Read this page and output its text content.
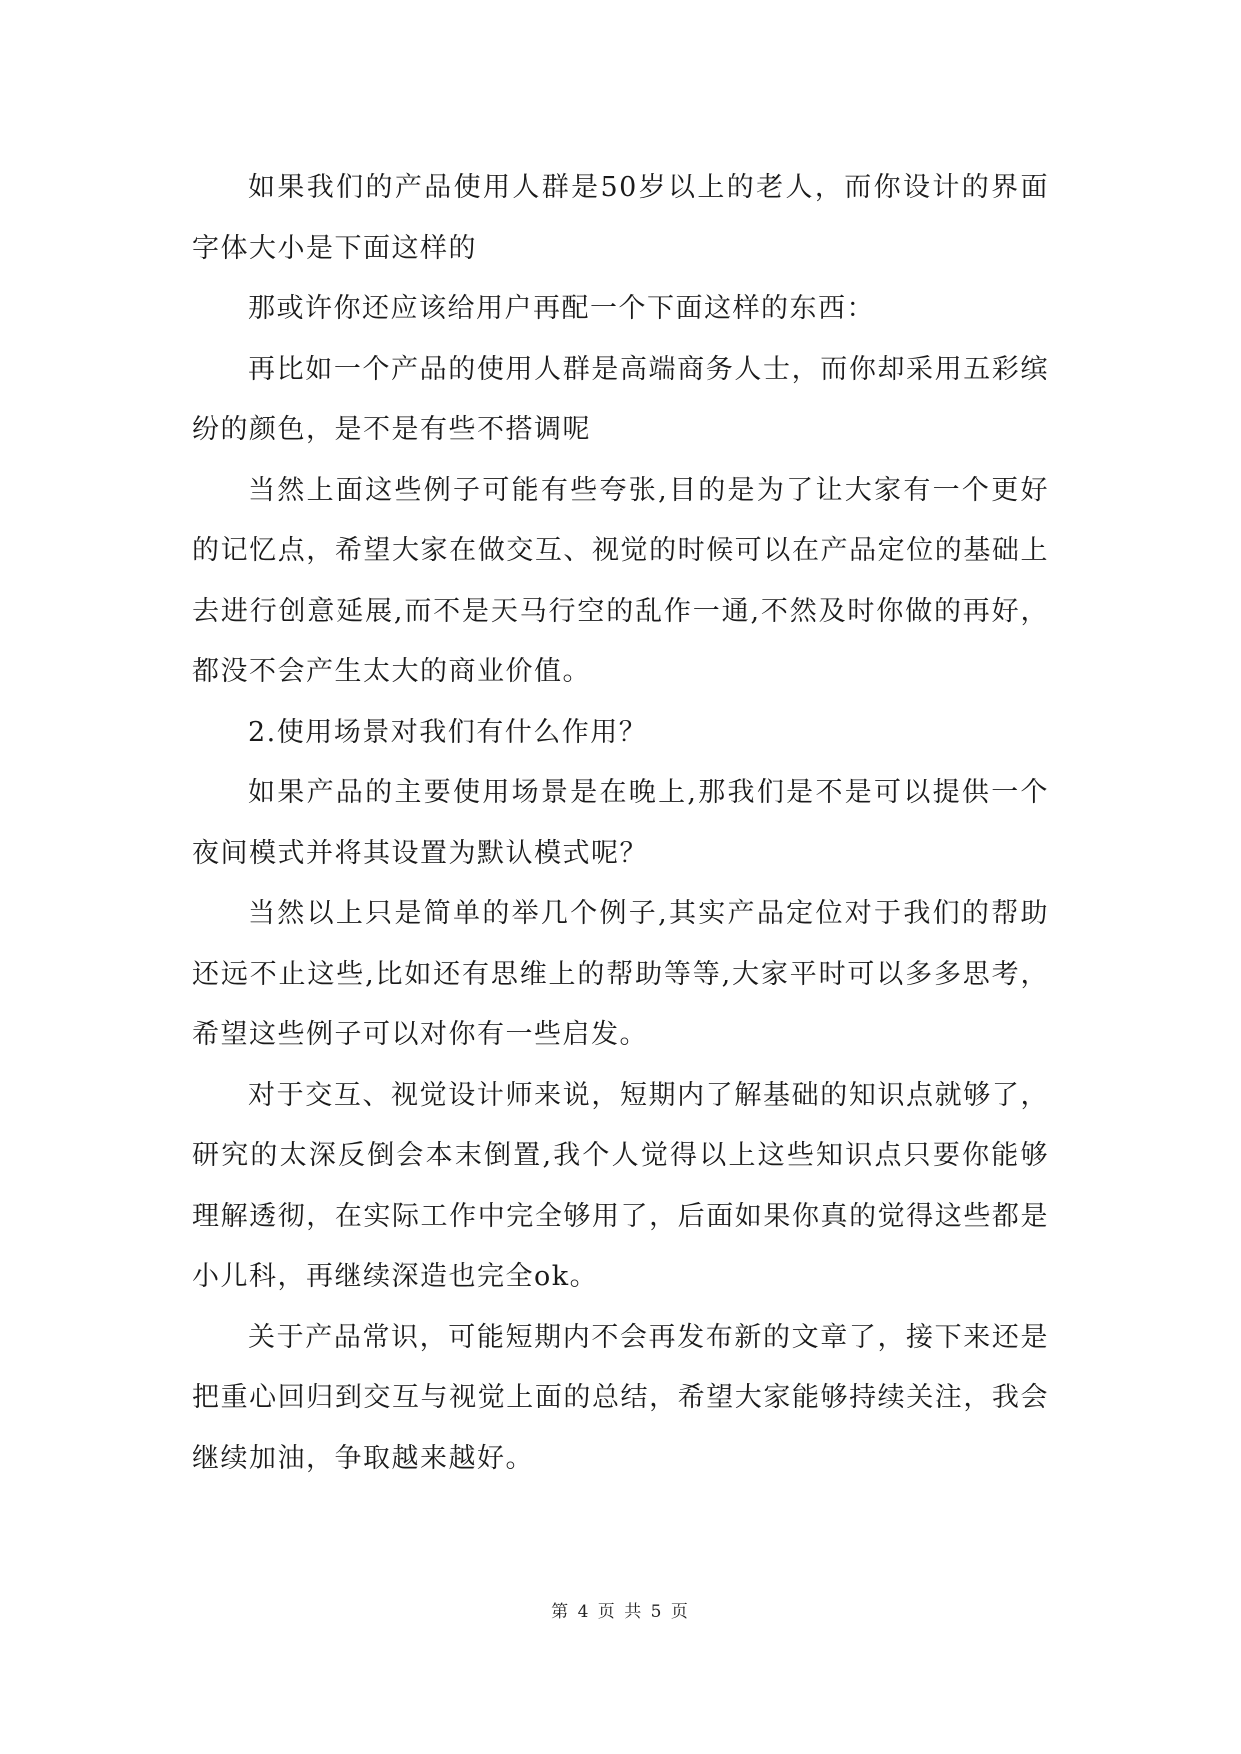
如果我们的产品使用人群是50岁以上的老人，而你设计的界面字体大小是下面这样的

那或许你还应该给用户再配一个下面这样的东西：

再比如一个产品的使用人群是高端商务人士，而你却采用五彩缤纷的颜色，是不是有些不搭调呢

当然上面这些例子可能有些夸张,目的是为了让大家有一个更好的记忆点，希望大家在做交互、视觉的时候可以在产品定位的基础上去进行创意延展,而不是天马行空的乱作一通,不然及时你做的再好，都没不会产生太大的商业价值。

2.使用场景对我们有什么作用？

如果产品的主要使用场景是在晚上,那我们是不是可以提供一个夜间模式并将其设置为默认模式呢？

当然以上只是简单的举几个例子,其实产品定位对于我们的帮助还远不止这些,比如还有思维上的帮助等等,大家平时可以多多思考，希望这些例子可以对你有一些启发。

对于交互、视觉设计师来说，短期内了解基础的知识点就够了，研究的太深反倒会本末倒置,我个人觉得以上这些知识点只要你能够理解透彻，在实际工作中完全够用了，后面如果你真的觉得这些都是小儿科，再继续深造也完全ok。

关于产品常识，可能短期内不会再发布新的文章了，接下来还是把重心回归到交互与视觉上面的总结，希望大家能够持续关注，我会继续加油，争取越来越好。

第 4 页 共 5 页
